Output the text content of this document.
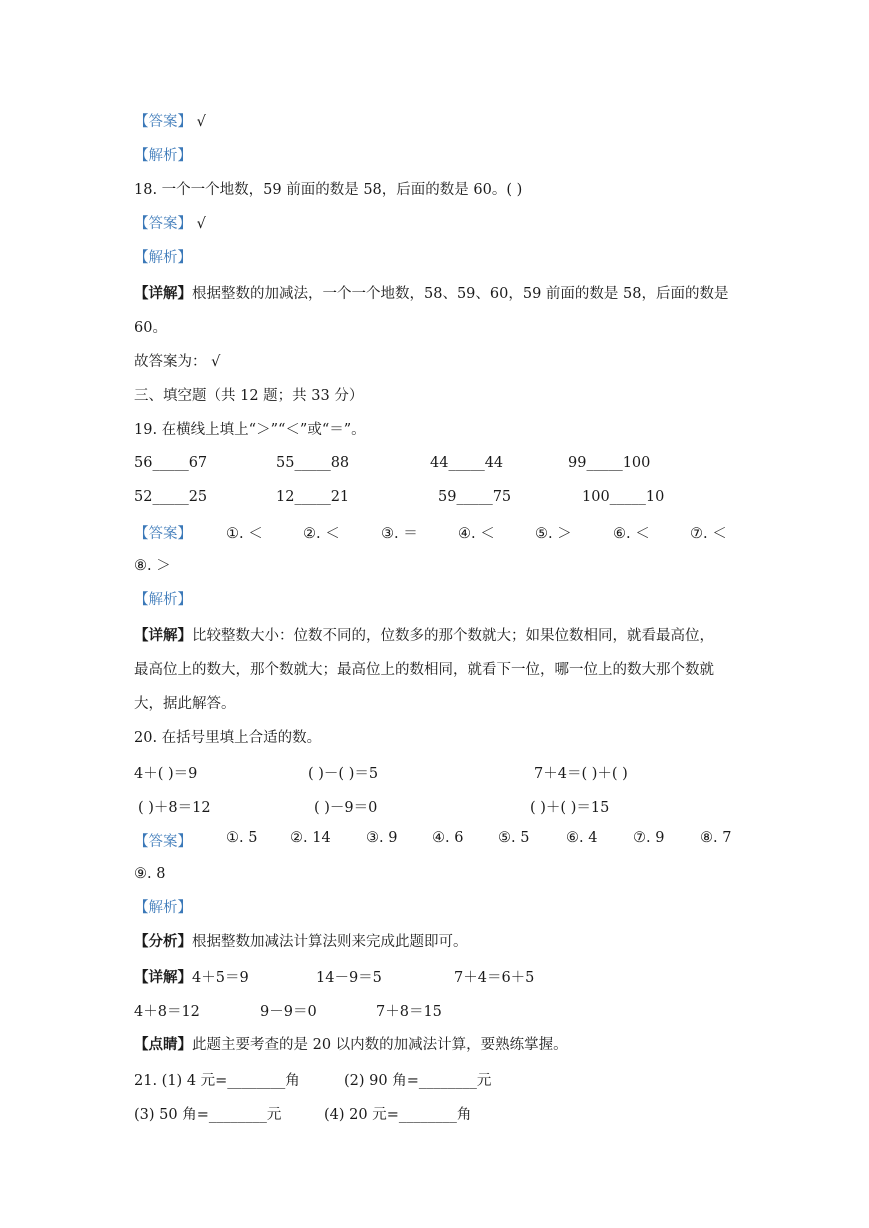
【答案】 √
【解析】
18. 一个一个地数，59 前面的数是 58，后面的数是 60。( )
【答案】 √
【解析】
【详解】根据整数的加减法，一个一个地数，58、59、60，59 前面的数是 58，后面的数是
60。
故答案为： √
三、填空题（共 12 题；共 33 分）
19. 在横线上填上“＞”“＜”或“＝”。
56_____67	55_____88	44_____44	99_____100
52_____25	12_____21	59_____75	100_____10
【答案】 ①. ＜	②. ＜	③. ＝	④. ＜	⑤. ＞	⑥. ＜	⑦. ＜
⑧. ＞
【解析】
【详解】比较整数大小：位数不同的，位数多的那个数就大；如果位数相同，就看最高位，
最高位上的数大，那个数就大；最高位上的数相同，就看下一位，哪一位上的数大那个数就
大，据此解答。
20. 在括号里填上合适的数。
4＋( )＝9	( )－( )＝5	7＋4＝( )＋( )
( )＋8＝12	( )－9＝0	( )＋( )＝15
【答案】 ①. 5 ②. 14 ③. 9 ④. 6 ⑤. 5	⑥. 4 ⑦. 9 ⑧. 7
⑨. 8
【解析】
【分析】根据整数加减法计算法则来完成此题即可。
【详解】4＋5＝9	14－9＝5	7＋4＝6＋5
4＋8＝12	9－9＝0	7＋8＝15
【点睛】此题主要考查的是 20 以内数的加减法计算，要熟练掌握。
21. (1) 4 元=________角	(2) 90 角=________元
(3) 50 角=________元	(4) 20 元=________角
